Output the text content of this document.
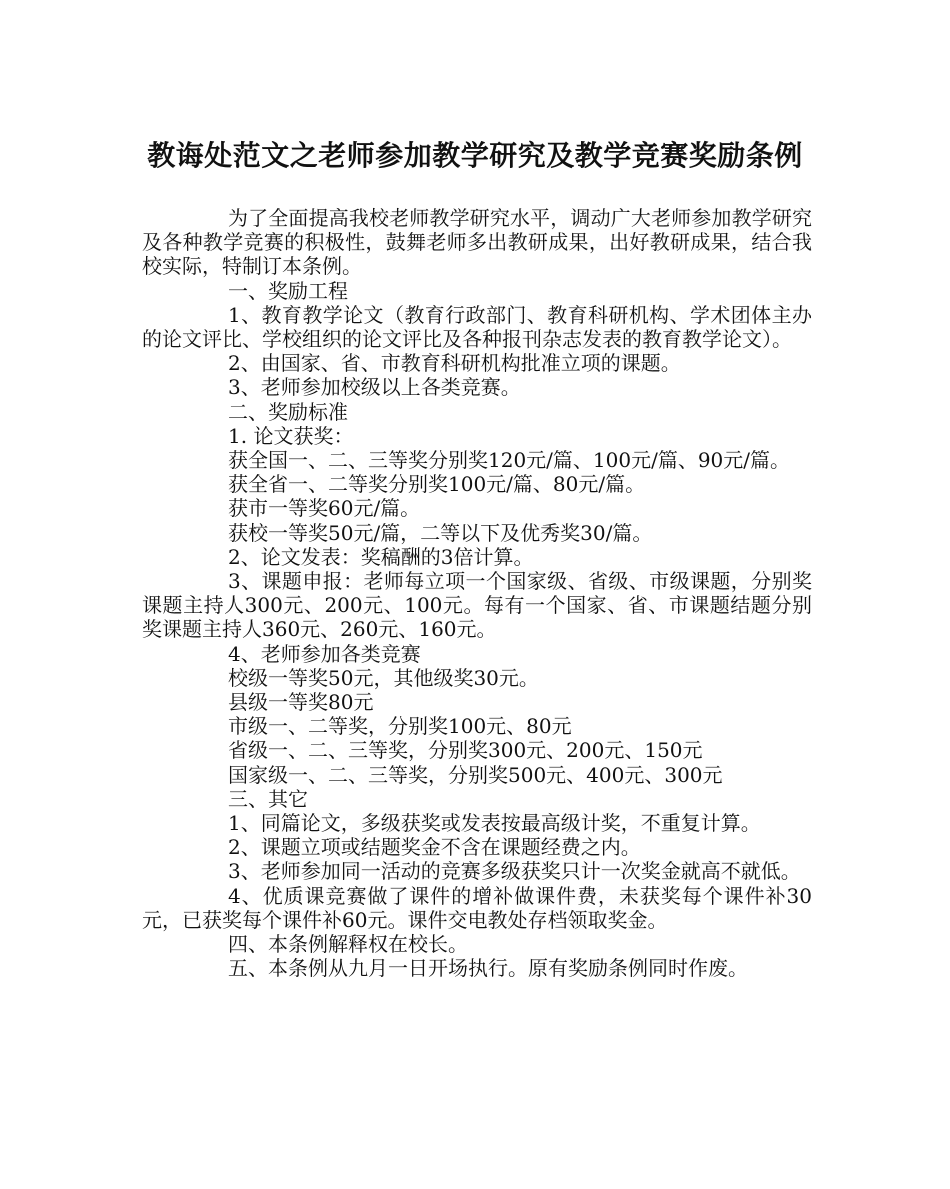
教诲处范文之老师参加教学研究及教学竞赛奖励条例

为了全面提高我校老师教学研究水平，调动广大老师参加教学研究及各种教学竞赛的积极性，鼓舞老师多出教研成果，出好教研成果，结合我校实际，特制订本条例。

一、奖励工程

1、教育教学论文（教育行政部门、教育科研机构、学术团体主办的论文评比、学校组织的论文评比及各种报刊杂志发表的教育教学论文）。

2、由国家、省、市教育科研机构批准立项的课题。

3、老师参加校级以上各类竞赛。

二、奖励标准

1. 论文获奖：

获全国一、二、三等奖分别奖120元/篇、100元/篇、90元/篇。

获全省一、二等奖分别奖100元/篇、80元/篇。

获市一等奖60元/篇。

获校一等奖50元/篇，二等以下及优秀奖30/篇。

2、论文发表：奖稿酬的3倍计算。

3、课题申报：老师每立项一个国家级、省级、市级课题，分别奖课题主持人300元、200元、100元。每有一个国家、省、市课题结题分别奖课题主持人360元、260元、160元。

4、老师参加各类竞赛

校级一等奖50元，其他级奖30元。

县级一等奖80元

市级一、二等奖，分别奖100元、80元

省级一、二、三等奖，分别奖300元、200元、150元

国家级一、二、三等奖，分别奖500元、400元、300元

三、其它

1、同篇论文，多级获奖或发表按最高级计奖，不重复计算。

2、课题立项或结题奖金不含在课题经费之内。

3、老师参加同一活动的竞赛多级获奖只计一次奖金就高不就低。

4、优质课竞赛做了课件的增补做课件费，未获奖每个课件补30元，已获奖每个课件补60元。课件交电教处存档领取奖金。

四、本条例解释权在校长。

五、本条例从九月一日开场执行。原有奖励条例同时作废。
